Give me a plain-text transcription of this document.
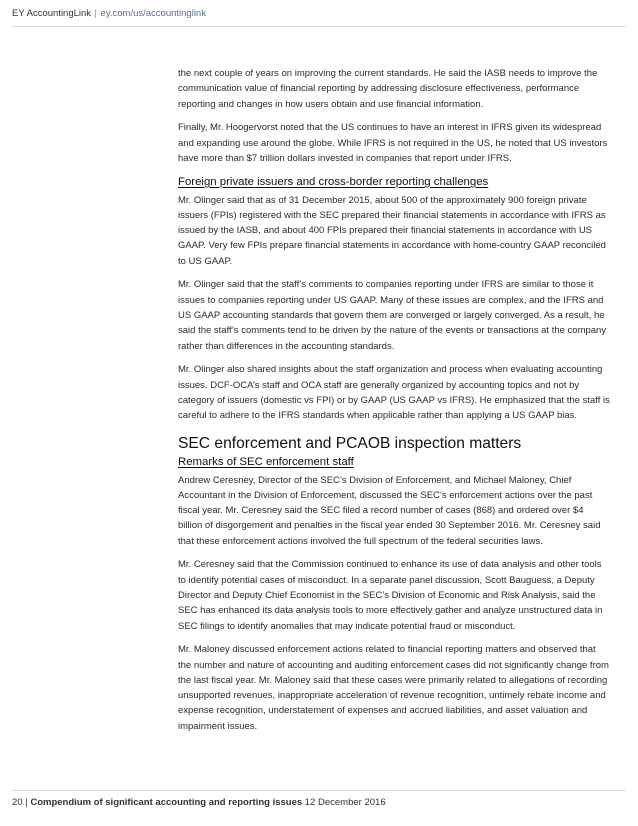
EY AccountingLink | ey.com/us/accountinglink

the next couple of years on improving the current standards. He said the IASB needs to improve the communication value of financial reporting by addressing disclosure effectiveness, performance reporting and changes in how users obtain and use financial information.

Finally, Mr. Hoogervorst noted that the US continues to have an interest in IFRS given its widespread and expanding use around the globe. While IFRS is not required in the US, he noted that US investors have more than $7 trillion dollars invested in companies that report under IFRS.

Foreign private issuers and cross-border reporting challenges

Mr. Olinger said that as of 31 December 2015, about 500 of the approximately 900 foreign private issuers (FPIs) registered with the SEC prepared their financial statements in accordance with IFRS as issued by the IASB, and about 400 FPIs prepared their financial statements in accordance with US GAAP. Very few FPIs prepare financial statements in accordance with home-country GAAP reconciled to US GAAP.

Mr. Olinger said that the staff’s comments to companies reporting under IFRS are similar to those it issues to companies reporting under US GAAP. Many of these issues are complex, and the IFRS and US GAAP accounting standards that govern them are converged or largely converged. As a result, he said the staff’s comments tend to be driven by the nature of the events or transactions at the company rather than differences in the accounting standards.

Mr. Olinger also shared insights about the staff organization and process when evaluating accounting issues. DCF-OCA’s staff and OCA staff are generally organized by accounting topics and not by category of issuers (domestic vs FPI) or by GAAP (US GAAP vs IFRS). He emphasized that the staff is careful to adhere to the IFRS standards when applicable rather than applying a US GAAP bias.

SEC enforcement and PCAOB inspection matters
Remarks of SEC enforcement staff

Andrew Ceresney, Director of the SEC’s Division of Enforcement, and Michael Maloney, Chief Accountant in the Division of Enforcement, discussed the SEC’s enforcement actions over the past fiscal year. Mr. Ceresney said the SEC filed a record number of cases (868) and ordered over $4 billion of disgorgement and penalties in the fiscal year ended 30 September 2016. Mr. Ceresney said that these enforcement actions involved the full spectrum of the federal securities laws.

Mr. Ceresney said that the Commission continued to enhance its use of data analysis and other tools to identify potential cases of misconduct. In a separate panel discussion, Scott Bauguess, a Deputy Director and Deputy Chief Economist in the SEC’s Division of Economic and Risk Analysis, said the SEC has enhanced its data analysis tools to more effectively gather and analyze unstructured data in SEC filings to identify anomalies that may indicate potential fraud or misconduct.

Mr. Maloney discussed enforcement actions related to financial reporting matters and observed that the number and nature of accounting and auditing enforcement cases did not significantly change from the last fiscal year. Mr. Maloney said that these cases were primarily related to allegations of recording unsupported revenues, inappropriate acceleration of revenue recognition, untimely rebate income and expense recognition, understatement of expenses and accrued liabilities, and asset valuation and impairment issues.

20 | Compendium of significant accounting and reporting issues 12 December 2016
